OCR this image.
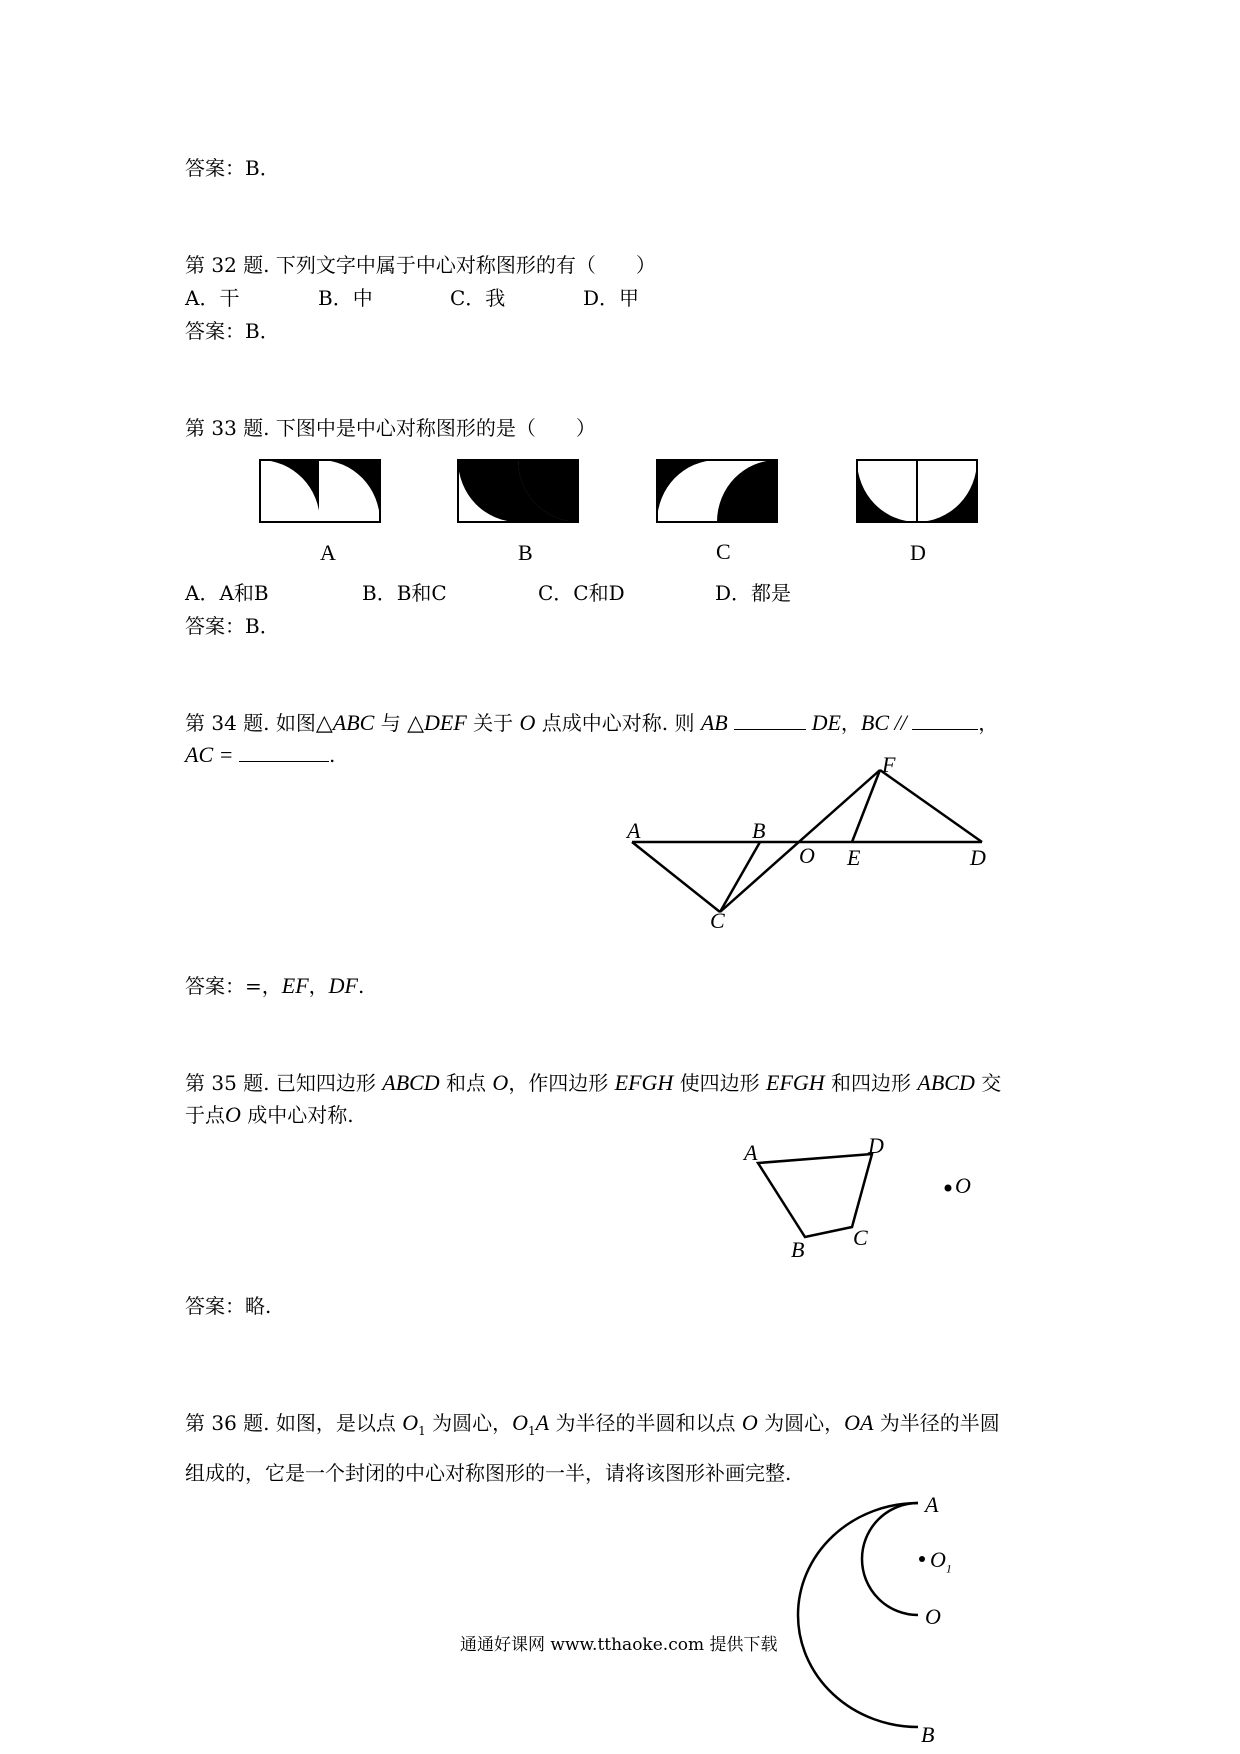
答案：B．
第 32 题. 下列文字中属于中心对称图形的有（　　）
A．干	B．中	C．我	D．甲
答案：B．
第 33 题. 下图中是中心对称图形的是（　　）
A	B	C	D
A．A和B	B．B和C	C．C和D	D．都是
答案：B．
第 34 题. 如图△ABC 与 △DEF 关于 O 点成中心对称. 则 AB	DE，BC //	，
AC =	.
A	B
O E	D
F
C
答案：=，EF，DF.
第 35 题. 已知四边形 ABCD 和点 O，作四边形 EFGH 使四边形 EFGH 和四边形 ABCD 交
于点O 成中心对称.
A	D
B C
O
答案：略.
第 36 题. 如图，是以点 $O_1$ 为圆心，$O_1A$ 为半径的半圆和以点 O 为圆心，OA 为半径的半圆
组成的，它是一个封闭的中心对称图形的一半，请将该图形补画完整.
A
$O_1$
O
B
通通好课网 www.tthaoke.com 提供下载
